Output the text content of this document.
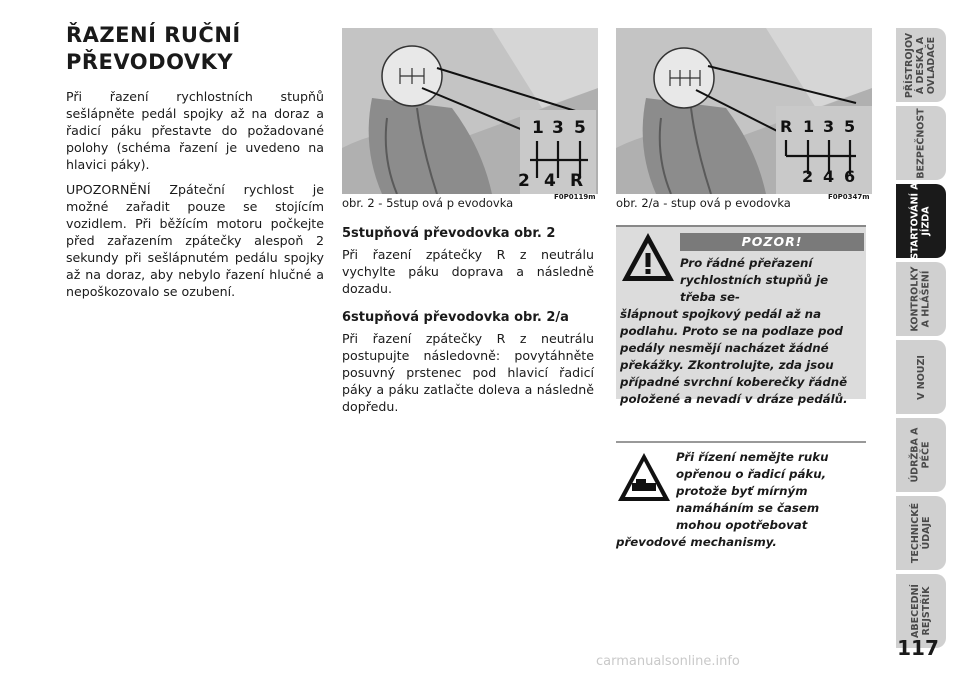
ŘAZENÍ RUČNÍ
PŘEVODOVKY

Při řazení rychlostních stupňů sešlápněte pedál spojky až na doraz a řadicí páku přestavte do požadované polohy (schéma řazení je uvedeno na hlavici páky).

UPOZORNĚNÍ Zpáteční rychlost je možné zařadit pouze se stojícím vozidlem. Při běžícím motoru počkejte před zařazením zpátečky alespoň 2 sekundy při sešlápnutém pedálu spojky až na doraz, aby nebylo řazení hlučné a nepoškozovalo se ozubení.

1 3 5
2 4 R
obr. 2 - 5stup ová p evodovka	F0P0119m
R 1 3 5
2 4 6
obr. 2/a - stup ová p evodovka	F0P0347m
5stupňová převodovka obr. 2

Při řazení zpátečky R z neutrálu vychylte páku doprava a následně dozadu.

6stupňová převodovka obr. 2/a

Při řazení zpátečky R z neutrálu postupujte následovně: povytáhněte posuvný prstenec pod hlavicí řadicí páky a páku zatlačte doleva a následně dopředu.

POZOR!
Pro řádné přeřazení rychlostních stupňů je třeba se-
šlápnout spojkový pedál až na podlahu. Proto se na podlaze pod pedály nesmějí nacházet žádné překážky. Zkontrolujte, zda jsou případné svrchní koberečky řádně položené a nevadí v dráze pedálů.
Při řízení nemějte ruku opřenou o řadicí páku, protože byť mírným namáháním se časem mohou opotřebovat
převodové mechanismy.
PŘÍSTROJOV
Á DESKA A
OVLADAČE
BEZPEČNOST
STARTOVÁNÍ A
JÍZDA
KONTROLKY
A HLÁŠENÍ
V NOUZI
ÚDRŽBA A
PÉČE
TECHNICKÉ
ÚDAJE
ABECEDNÍ
REJSTŘÍK
117
carmanualsonline.info
